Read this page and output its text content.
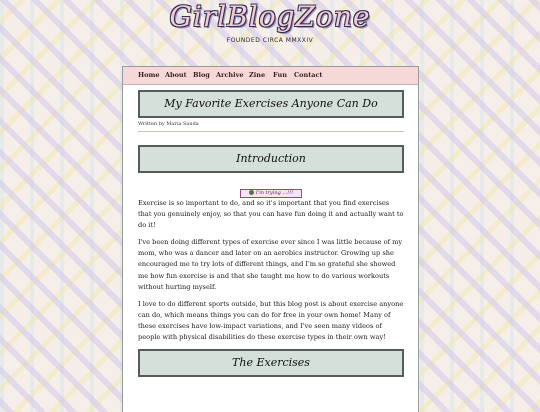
GirlBlogZone
FOUNDED CIRCA MMXXIV
Home About Blog Archive Zine Fun Contact
My Favorite Exercises Anyone Can Do
Written by Maria Sauda
Introduction
I'm trying ...!!!

Exercise is so important to do, and so it's important that you find exercises that you genuinely enjoy, so that you can have fun doing it and actually want to do it!

I've been doing different types of exercise ever since I was little because of my mom, who was a dancer and later on an aerobics instructor. Growing up she encouraged me to try lots of different things, and I'm so grateful she showed me how fun exercise is and that she taught me how to do various workouts without hurting myself.

I love to do different sports outside, but this blog post is about exercise anyone can do, which means things you can do for free in your own home! Many of these exercises have low-impact variations, and I've seen many videos of people with physical disabilities do these exercise types in their own way!

The Exercises
